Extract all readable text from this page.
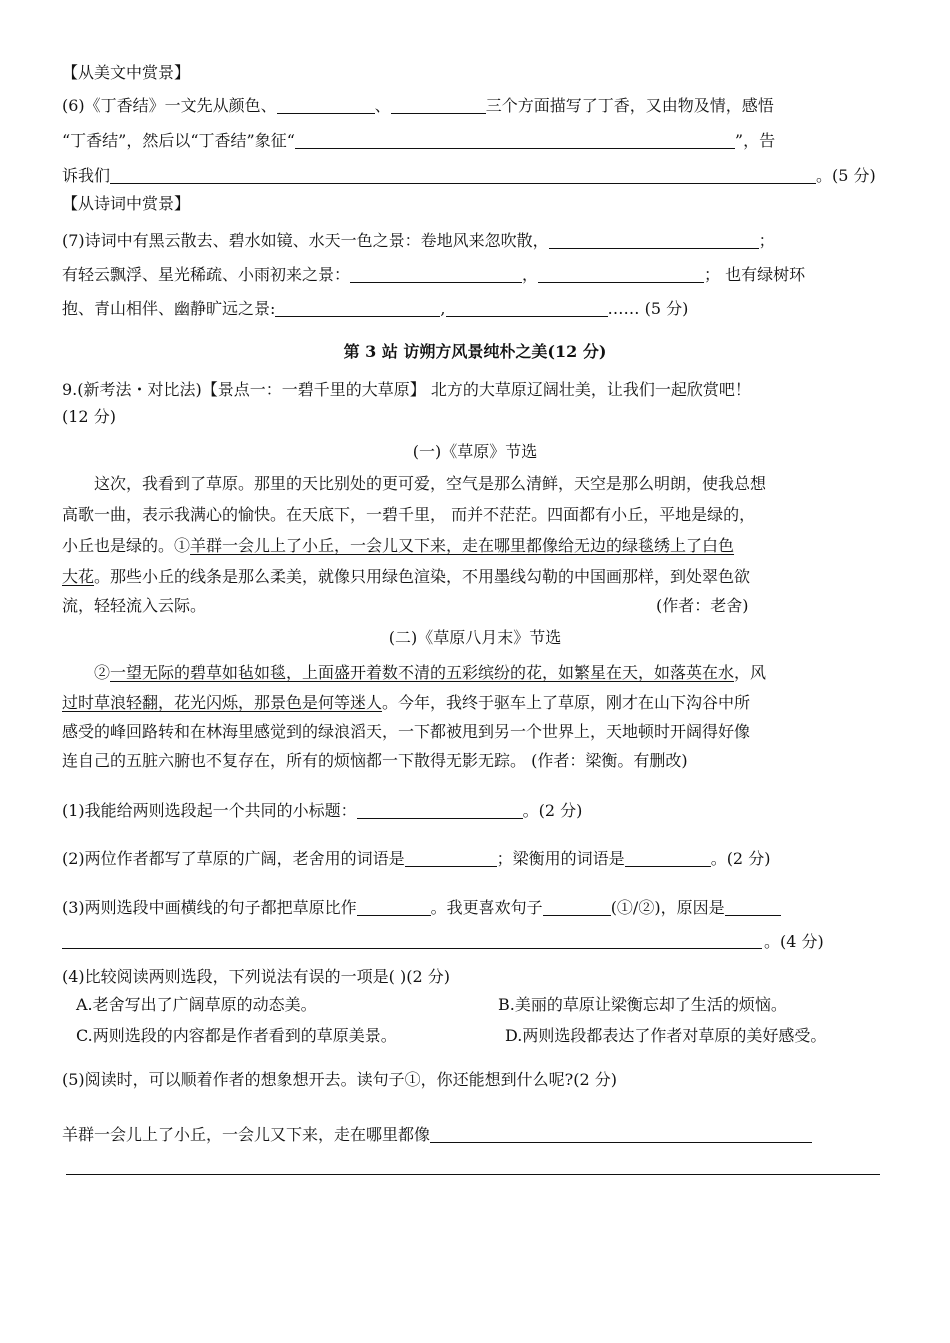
【从美文中赏景】
(6)《丁香结》一文先从颜色、	、	三个方面描写了丁香，又由物及情，感悟
“丁香结”，然后以“丁香结”象征“	”，告
诉我们	。(5 分)
【从诗词中赏景】
(7)诗词中有黑云散去、碧水如镜、水天一色之景：卷地风来忽吹散，	；
有轻云飘浮、星光稀疏、小雨初来之景：	，	； 也有绿树环
抱、青山相伴、幽静旷远之景:	,	…… (5 分)
第 3 站 访朔方风景纯朴之美(12 分)
9.(新考法・对比法)【景点一：一碧千里的大草原】 北方的大草原辽阔壮美，让我们一起欣赏吧！
(12 分)
(一)《草原》节选
这次，我看到了草原。那里的天比别处的更可爱，空气是那么清鲜，天空是那么明朗，使我总想
高歌一曲，表示我满心的愉快。在天底下，一碧千里， 而并不茫茫。四面都有小丘，平地是绿的，
小丘也是绿的。①羊群一会儿上了小丘，一会儿又下来，走在哪里都像给无边的绿毯绣上了白色
大花。那些小丘的线条是那么柔美，就像只用绿色渲染，不用墨线勾勒的中国画那样，到处翠色欲
流，轻轻流入云际。	(作者：老舍)
(二)《草原八月末》节选
②一望无际的碧草如毡如毯，上面盛开着数不清的五彩缤纷的花，如繁星在天，如落英在水，风
过时草浪轻翻，花光闪烁，那景色是何等迷人。今年，我终于驱车上了草原，刚才在山下沟谷中所
感受的峰回路转和在林海里感觉到的绿浪滔天，一下都被甩到另一个世界上，天地顿时开阔得好像
连自己的五脏六腑也不复存在，所有的烦恼都一下散得无影无踪。 (作者：梁衡。有删改)
(1)我能给两则选段起一个共同的小标题：	。(2 分)
(2)两位作者都写了草原的广阔，老舍用的词语是	；梁衡用的词语是	。(2 分)
(3)两则选段中画横线的句子都把草原比作	。我更喜欢句子	(①/②)，原因是
。(4 分)
(4)比较阅读两则选段，下列说法有误的一项是( )(2 分)
A.老舍写出了广阔草原的动态美。	B.美丽的草原让梁衡忘却了生活的烦恼。
C.两则选段的内容都是作者看到的草原美景。	D.两则选段都表达了作者对草原的美好感受。
(5)阅读时，可以顺着作者的想象想开去。读句子①，你还能想到什么呢?(2 分)
羊群一会儿上了小丘，一会儿又下来，走在哪里都像
